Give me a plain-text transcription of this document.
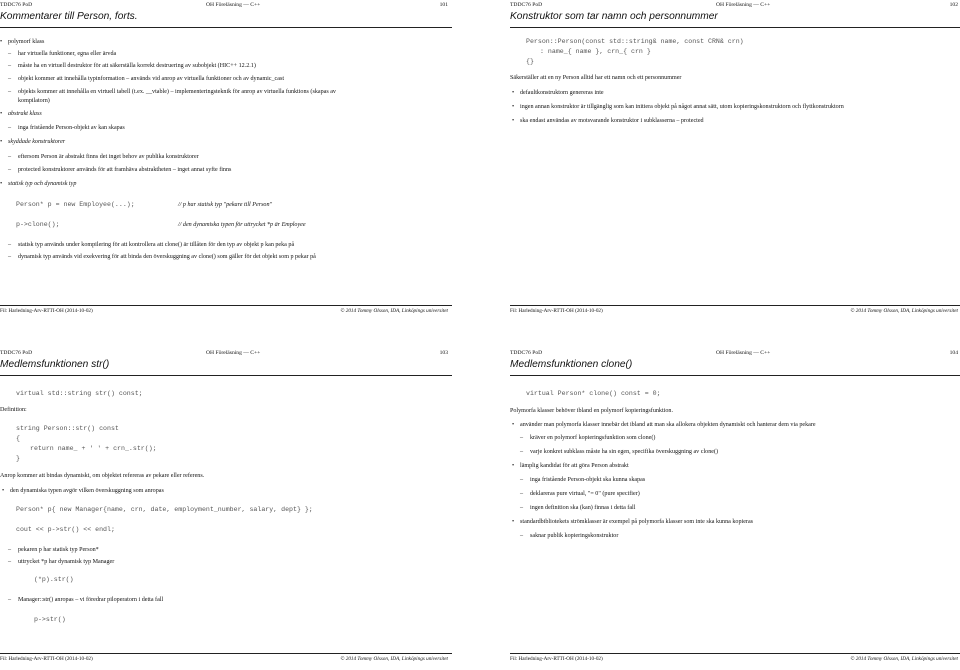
TDDC76 PoD	OH Föreläsning — C++	101
Kommentarer till Person, forts.
• polymorf klass
– har virtuella funktioner, egna eller ärvda
– måste ha en virtuell destruktor för att säkerställa korrekt destruering av subobjekt (HIC++ 12.2.1)
– objekt kommer att innehålla typinformation – används vid anrop av virtuella funktioner och av dynamic_cast
– objekts kommer att innehålla en virtuell tabell (t.ex. __vtable) – implementeringsteknik för anrop av virtuella funktions (skapas av
kompilatorn)
• abstrakt klass
– inga fristående Person-objekt av kan skapas
• skyddade konstruktorer
– eftersom Person är abstrakt finns det inget behov av publika konstruktorer
– protected konstruktorer används för att framhäva abstraktheten – inget annat syfte finns
• statisk typ och dynamisk typ
Person* p = new Employee(...);	// p har statisk typ "pekare till Person"
p->clone();	// den dynamiska typen för uttrycket *p är Employee
– statisk typ används under kompilering för att kontrollera att clone() är tillåten för den typ av objekt p kan peka på
– dynamisk typ används vid exekvering för att binda den överskuggning av clone() som gäller för det objekt som p pekar på
Fil: Harledning-Arv-RTTI-OH (2014-10-02)	© 2014 Tommy Olsson, IDA, Linköpings universitet
TDDC76 PoD	OH Föreläsning — C++	102
Konstruktor som tar namn och personnummer
Person::Person(const std::string& name, const CRN& crn)
: name_{ name }, crn_{ crn }
{}
Säkerställer att en ny Person alltid har ett namn och ett personnummer
• defaultkonstruktorn genereras inte
• ingen annan konstruktor är tillgänglig som kan initiera objekt på något annat sätt, utom kopieringskonstruktorn och flyttkonstruktorn
• ska endast användas av motsvarande konstruktor i subklasserna – protected
Fil: Harledning-Arv-RTTI-OH (2014-10-02)	© 2014 Tommy Olsson, IDA, Linköpings universitet
TDDC76 PoD	OH Föreläsning — C++	103
Medlemsfunktionen str()
virtual std::string str() const;
Definition:
string Person::str() const
{
return name_ + ' ' + crn_.str();
}
Anrop kommer att bindas dynamiskt, om objektet refereras av pekare eller referens.
• den dynamiska typen avgör vilken överskuggning som anropas
Person* p{ new Manager{name, crn, date, employment_number, salary, dept} };
cout << p->str() << endl;
– pekaren p har statisk typ Person*
– uttrycket *p har dynamisk typ Manager
(*p).str()
– Manager::str() anropas – vi föredrar piloperatorn i detta fall
p->str()
Fil: Harledning-Arv-RTTI-OH (2014-10-02)	© 2014 Tommy Olsson, IDA, Linköpings universitet
TDDC76 PoD	OH Föreläsning — C++	104
Medlemsfunktionen clone()
virtual Person* clone() const = 0;
Polymorfa klasser behöver ibland en polymorf kopieringsfunktion.
• använder man polymorfa klasser innebär det ibland att man ska allokera objekten dynamiskt och hanterar dem via pekare
– kräver en polymorf kopieringsfunktion som clone()
– varje konkret subklass måste ha sin egen, specifika överskuggning av clone()
• lämplig kandidat för att göra Person abstrakt
– inga fristående Person-objekt ska kunna skapas
– deklareras pure virtual, "= 0" (pure specifier)
– ingen definition ska (kan) finnas i detta fall
• standardbibliotekets strömklasser är exempel på polymorfa klasser som inte ska kunna kopieras
– saknar publik kopieringskonstruktor
Fil: Harledning-Arv-RTTI-OH (2014-10-02)	© 2014 Tommy Olsson, IDA, Linköpings universitet
